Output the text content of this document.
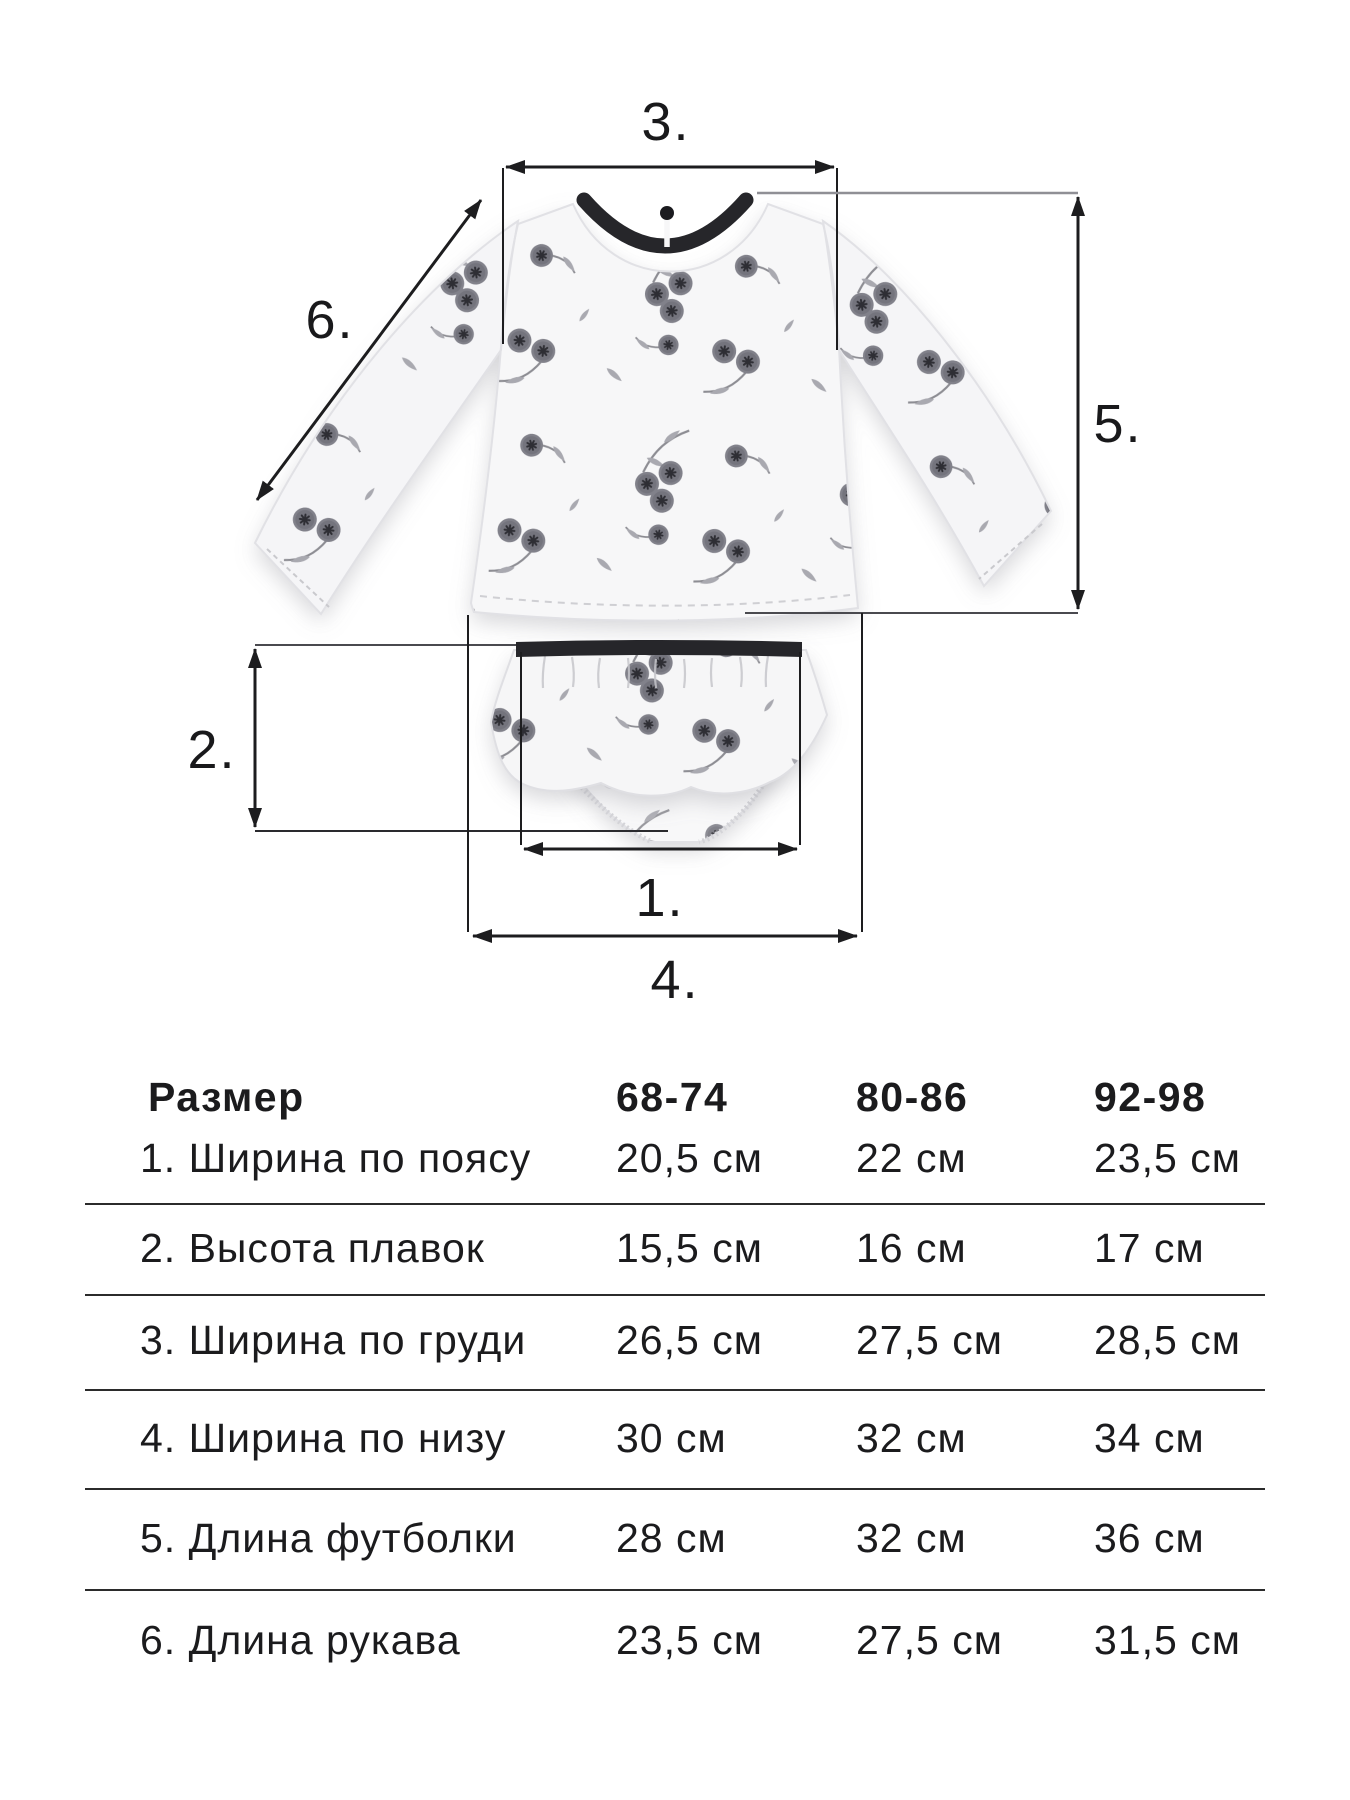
3.
6.
5.
2.
1.
4.
Размер	68-74	80-86	92-98
1. Ширина по поясу 20,5 см 22 см	23,5 см
2. Высота плавок	15,5 см 16 см	17 см
3. Ширина по груди 26,5 см 27,5 см 28,5 см
4. Ширина по низу	30 см	32 см	34 см
5. Длина футболки 28 см	32 см	36 см
6. Длина рукава	23,5 см 27,5 см 31,5 см
